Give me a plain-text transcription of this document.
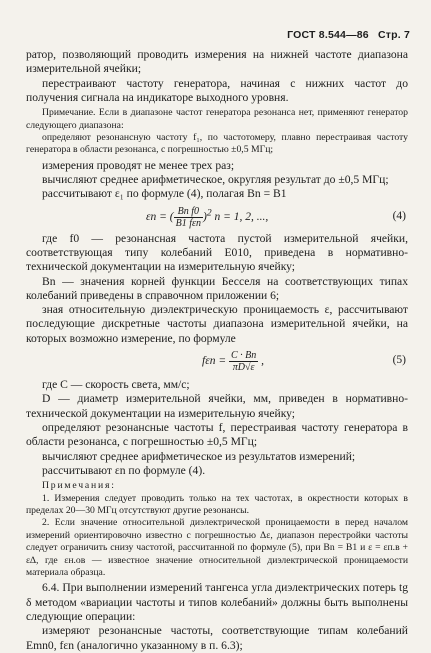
ГОСТ 8.544—86 Стр. 7

ратор, позволяющий проводить измерения на нижней частоте диапазона измерительной ячейки;

перестраивают частоту генератора, начиная с нижних частот до получения сигнала на индикаторе выходного уровня.

Примечание. Если в диапазоне частот генератора резонанса нет, применяют генератор следующего диапазона:

определяют резонансную частоту f₁, по частотомеру, плавно перестраивая частоту генератора в области резонанса, с погрешностью ±0,5 МГц;

измерения проводят не менее трех раз;

вычисляют среднее арифметическое, округляя результат до ±0,5 МГц;

рассчитывают ε₁ по формуле (4), полагая Bn = B1

εn = ( $\frac{\text{Bn f0}}{\text{B1 fεn}} )^2$ n = 1, 2, ...,	(4)

где f0 — резонансная частота пустой измерительной ячейки, соответствующая типу колебаний E010, приведена в нормативно-технической документации на измерительную ячейку;

Bn — значения корней функции Бесселя на соответствующих типах колебаний приведены в справочном приложении 6;

зная относительную диэлектрическую проницаемость ε, рассчитывают последующие дискретные частоты диапазона измерительной ячейки, на которых возможно измерение, по формуле

$f\varepsilon n = \frac{C \cdot Bn}{\pi D√\varepsilon}$ ,	(5)

где C — скорость света, мм/с;

D — диаметр измерительной ячейки, мм, приведен в нормативно-технической документации на измерительную ячейку;

определяют резонансные частоты f, перестраивая частоту генератора в области резонанса, с погрешностью ±0,5 МГц;

вычисляют среднее арифметическое из результатов измерений;

рассчитывают εn по формуле (4).

Примечания:

1. Измерения следует проводить только на тех частотах, в окрестности которых в пределах 20—30 МГц отсутствуют другие резонансы.

2. Если значение относительной диэлектрической проницаемости в перед началом измерений ориентировочно известно с погрешностью Δε, диапазон перестройки частоты следует ограничить снизу частотой, рассчитанной по формуле (5), при Bn = B1 и ε = εп.в + ε∆, где εн.ов — известное значение относительной диэлектрической проницаемости материала образца.

6.4. При выполнении измерений тангенса угла диэлектрических потерь tg δ методом «вариации частоты и типов колебаний» должны быть выполнены следующие операции:

измеряют резонансные частоты, соответствующие типам колебаний Emn0, fεn (аналогично указанному в п. 6.3);
